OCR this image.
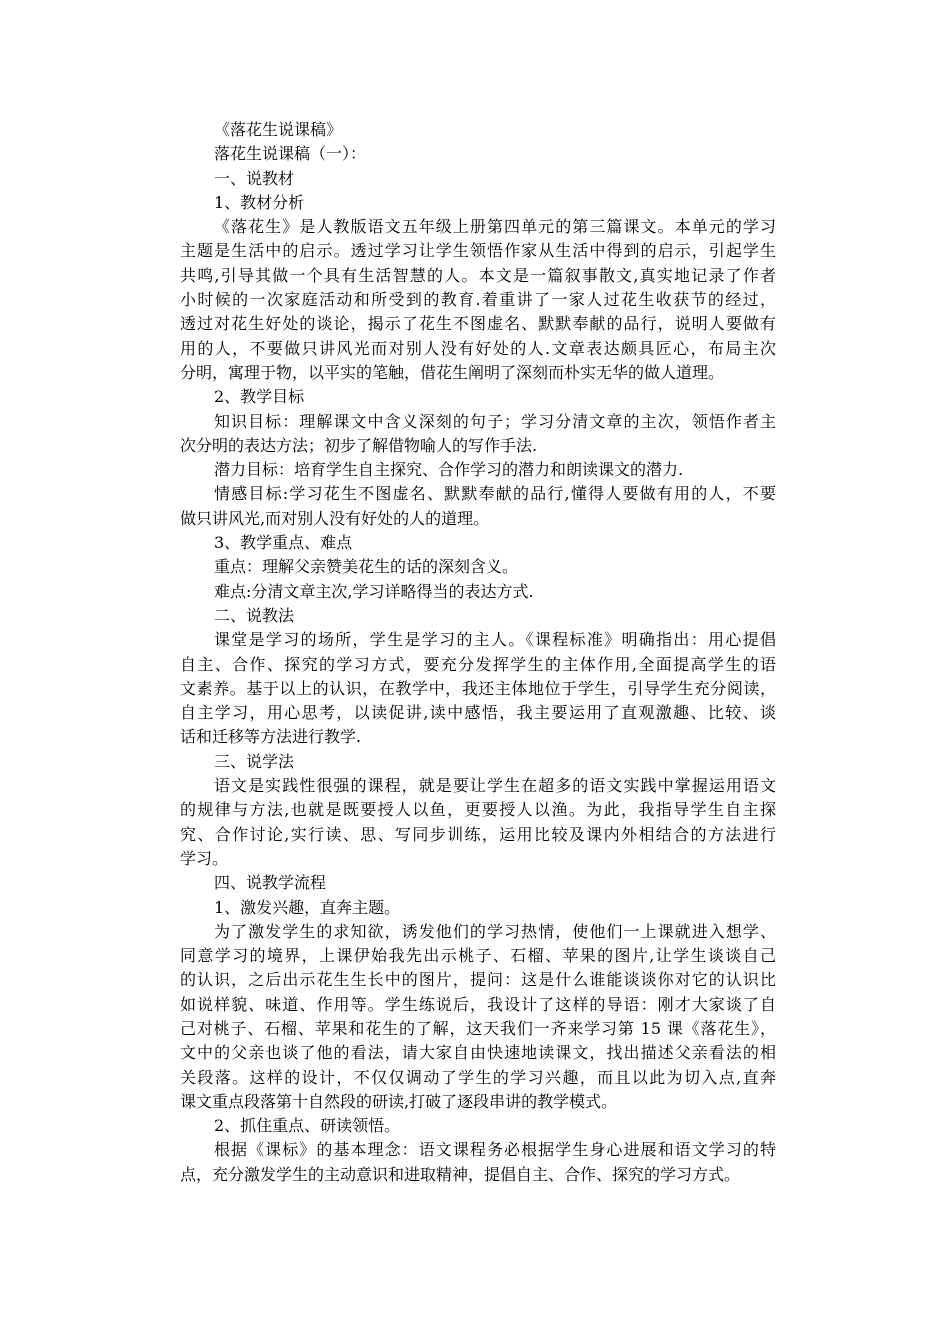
《落花生说课稿》
落花生说课稿（一）：
一、说教材
1、教材分析
《落花生》是人教版语文五年级上册第四单元的第三篇课文。本单元的学习
主题是生活中的启示。透过学习让学生领悟作家从生活中得到的启示，引起学生
共鸣,引导其做一个具有生活智慧的人。本文是一篇叙事散文,真实地记录了作者
小时候的一次家庭活动和所受到的教育.着重讲了一家人过花生收获节的经过，
透过对花生好处的谈论，揭示了花生不图虚名、默默奉献的品行，说明人要做有
用的人，不要做只讲风光而对别人没有好处的人.文章表达颇具匠心，布局主次
分明，寓理于物，以平实的笔触，借花生阐明了深刻而朴实无华的做人道理。
2、教学目标
知识目标：理解课文中含义深刻的句子；学习分清文章的主次，领悟作者主
次分明的表达方法；初步了解借物喻人的写作手法.
潜力目标：培育学生自主探究、合作学习的潜力和朗读课文的潜力.
情感目标:学习花生不图虚名、默默奉献的品行,懂得人要做有用的人，不要
做只讲风光,而对别人没有好处的人的道理。
3、教学重点、难点
重点：理解父亲赞美花生的话的深刻含义。
难点:分清文章主次,学习详略得当的表达方式.
二、说教法
课堂是学习的场所，学生是学习的主人。《课程标准》明确指出：用心提倡
自主、合作、探究的学习方式，要充分发挥学生的主体作用,全面提高学生的语
文素养。基于以上的认识，在教学中，我还主体地位于学生，引导学生充分阅读，
自主学习，用心思考，以读促讲,读中感悟，我主要运用了直观激趣、比较、谈
话和迁移等方法进行教学.
三、说学法
语文是实践性很强的课程，就是要让学生在超多的语文实践中掌握运用语文
的规律与方法,也就是既要授人以鱼，更要授人以渔。为此，我指导学生自主探
究、合作讨论,实行读、思、写同步训练，运用比较及课内外相结合的方法进行
学习。
四、说教学流程
1、激发兴趣，直奔主题。
为了激发学生的求知欲，诱发他们的学习热情，使他们一上课就进入想学、
同意学习的境界，上课伊始我先出示桃子、石榴、苹果的图片,让学生谈谈自己
的认识，之后出示花生生长中的图片，提问：这是什么谁能谈谈你对它的认识比
如说样貌、味道、作用等。学生练说后，我设计了这样的导语：刚才大家谈了自
己对桃子、石榴、苹果和花生的了解，这天我们一齐来学习第 15 课《落花生》，
文中的父亲也谈了他的看法，请大家自由快速地读课文，找出描述父亲看法的相
关段落。这样的设计，不仅仅调动了学生的学习兴趣，而且以此为切入点,直奔
课文重点段落第十自然段的研读,打破了逐段串讲的教学模式。
2、抓住重点、研读领悟。
根据《课标》的基本理念：语文课程务必根据学生身心进展和语文学习的特
点，充分激发学生的主动意识和进取精神，提倡自主、合作、探究的学习方式。
